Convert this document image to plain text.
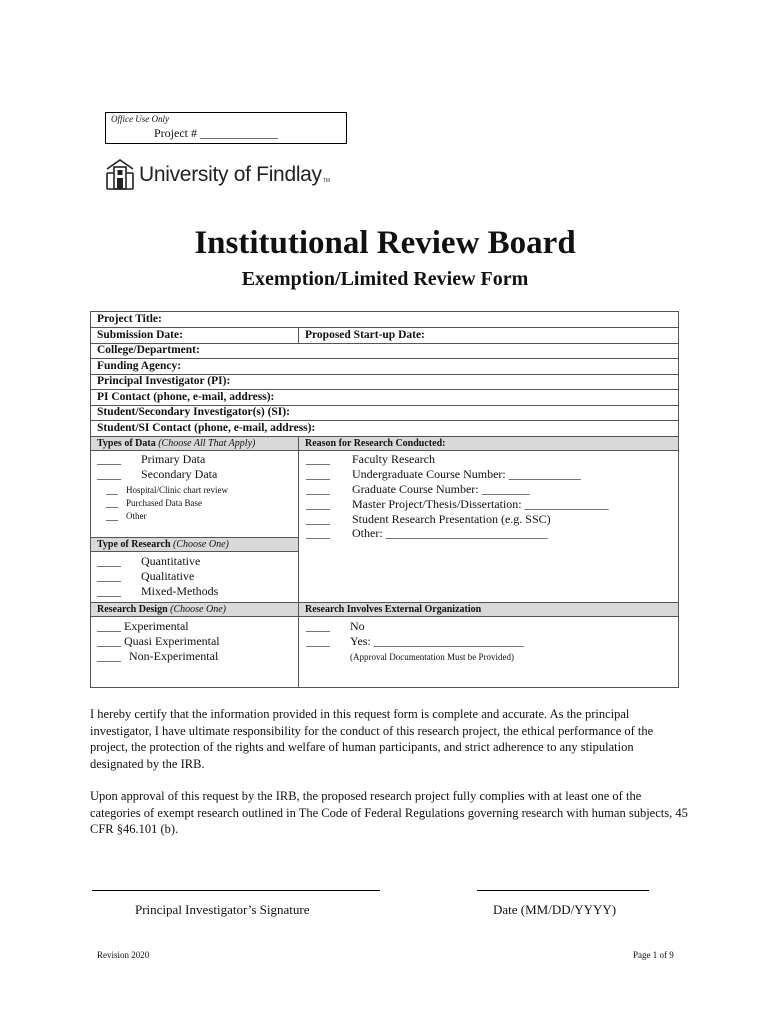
Office Use Only
Project # _____________
University of Findlay TM
Institutional Review Board
Exemption/Limited Review Form
Project Title:
Submission Date:	Proposed Start-up Date:
College/Department:
Funding Agency:
Principal Investigator (PI):
PI Contact (phone, e-mail, address):
Student/Secondary Investigator(s) (SI):
Student/SI Contact (phone, e-mail, address):
Types of Data (Choose All That Apply)	Reason for Research Conducted:
____ Primary Data
____ Secondary Data
__ Hospital/Clinic chart review
__ Purchased Data Base
__ Other
____ Faculty Research
____ Undergraduate Course Number: ____________
____ Graduate Course Number: ________
____ Master Project/Thesis/Dissertation: ______________
____ Student Research Presentation (e.g. SSC)
____ Other: ___________________________
Type of Research (Choose One)
____ Quantitative
____ Qualitative
____ Mixed-Methods
Research Design (Choose One)	Research Involves External Organization
____ Experimental
____ Quasi Experimental
____ Non-Experimental
____ No
____ Yes: _________________________
(Approval Documentation Must be Provided)
I hereby certify that the information provided in this request form is complete and accurate. As the principal investigator, I have ultimate responsibility for the conduct of this research project, the ethical performance of the project, the protection of the rights and welfare of human participants, and strict adherence to any stipulation designated by the IRB.
Upon approval of this request by the IRB, the proposed research project fully complies with at least one of the categories of exempt research outlined in The Code of Federal Regulations governing research with human subjects, 45 CFR §46.101 (b).
Principal Investigator’s Signature	Date (MM/DD/YYYY)
Revision 2020	Page 1 of 9
